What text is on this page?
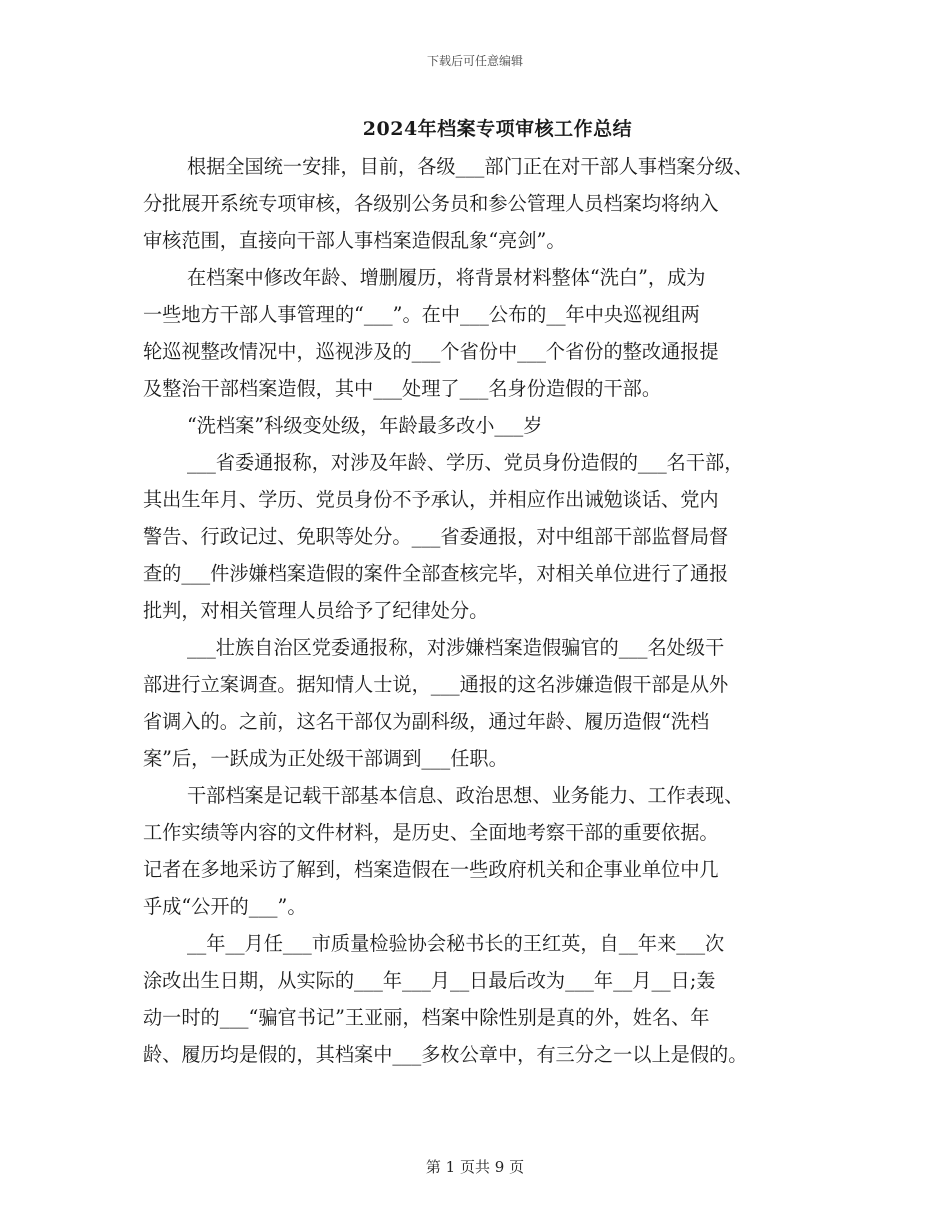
下载后可任意编辑
2024年档案专项审核工作总结

根据全国统一安排，目前，各级___部门正在对干部人事档案分级、
分批展开系统专项审核，各级别公务员和参公管理人员档案均将纳入
审核范围，直接向干部人事档案造假乱象“亮剑”。

在档案中修改年龄、增删履历，将背景材料整体“洗白”，成为
一些地方干部人事管理的“___”。在中___公布的__年中央巡视组两
轮巡视整改情况中，巡视涉及的___个省份中___个省份的整改通报提
及整治干部档案造假，其中___处理了___名身份造假的干部。

“洗档案”科级变处级，年龄最多改小___岁

___省委通报称，对涉及年龄、学历、党员身份造假的___名干部，
其出生年月、学历、党员身份不予承认，并相应作出诫勉谈话、党内
警告、行政记过、免职等处分。___省委通报，对中组部干部监督局督
查的___件涉嫌档案造假的案件全部查核完毕，对相关单位进行了通报
批判，对相关管理人员给予了纪律处分。

___壮族自治区党委通报称，对涉嫌档案造假骗官的___名处级干
部进行立案调查。据知情人士说，___通报的这名涉嫌造假干部是从外
省调入的。之前，这名干部仅为副科级，通过年龄、履历造假“洗档
案”后，一跃成为正处级干部调到___任职。

干部档案是记载干部基本信息、政治思想、业务能力、工作表现、
工作实绩等内容的文件材料，是历史、全面地考察干部的重要依据。
记者在多地采访了解到，档案造假在一些政府机关和企事业单位中几
乎成“公开的___”。

__年__月任___市质量检验协会秘书长的王红英，自__年来___次
涂改出生日期，从实际的___年___月__日最后改为___年__月__日;轰
动一时的___“骗官书记”王亚丽，档案中除性别是真的外，姓名、年
龄、履历均是假的，其档案中___多枚公章中，有三分之一以上是假的。

第 1 页共 9 页
